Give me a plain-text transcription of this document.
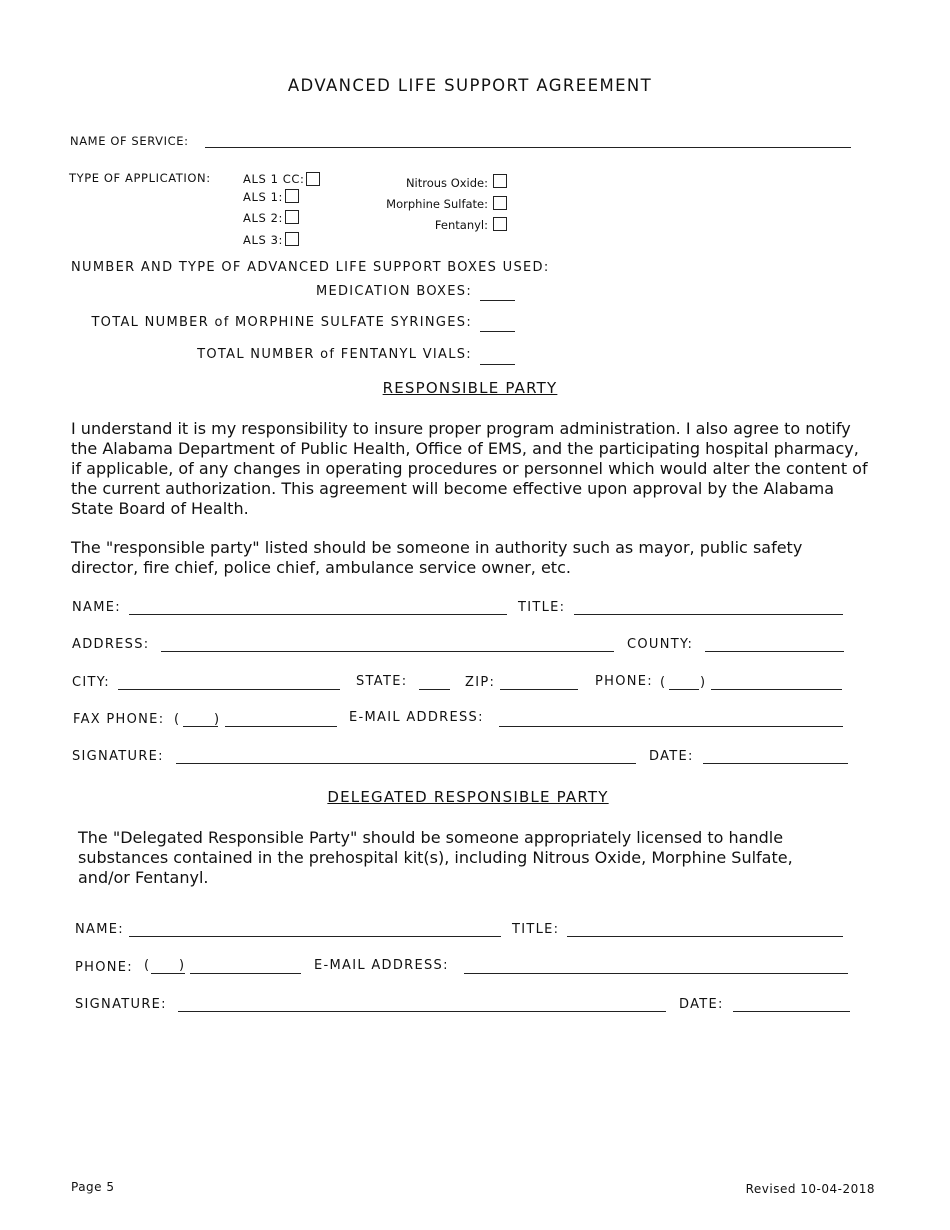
ADVANCED LIFE SUPPORT AGREEMENT
NAME OF SERVICE:
TYPE OF APPLICATION:	ALS 1 CC:
ALS 1:
ALS 2:
ALS 3:
Nitrous Oxide:
Morphine Sulfate:
Fentanyl:
NUMBER AND TYPE OF ADVANCED LIFE SUPPORT BOXES USED:
MEDICATION BOXES:
TOTAL NUMBER of MORPHINE SULFATE SYRINGES:
TOTAL NUMBER of FENTANYL VIALS:
RESPONSIBLE PARTY
I understand it is my responsibility to insure proper program administration. I also agree to notify the Alabama Department of Public Health, Office of EMS, and the participating hospital pharmacy, if applicable, of any changes in operating procedures or personnel which would alter the content of the current authorization. This agreement will become effective upon approval by the Alabama State Board of Health.
The "responsible party" listed should be someone in authority such as mayor, public safety director, fire chief, police chief, ambulance service owner, etc.
NAME:	TITLE:
ADDRESS:	COUNTY:
CITY:	STATE:	ZIP:	PHONE: (	)
FAX PHONE: (	)	E-MAIL ADDRESS:
SIGNATURE:	DATE:
DELEGATED RESPONSIBLE PARTY
The "Delegated Responsible Party" should be someone appropriately licensed to handle substances contained in the prehospital kit(s), including Nitrous Oxide, Morphine Sulfate, and/or Fentanyl.
NAME:	TITLE:
PHONE: ( )	E-MAIL ADDRESS:
SIGNATURE:	DATE:
Page 5	Revised 10-04-2018
